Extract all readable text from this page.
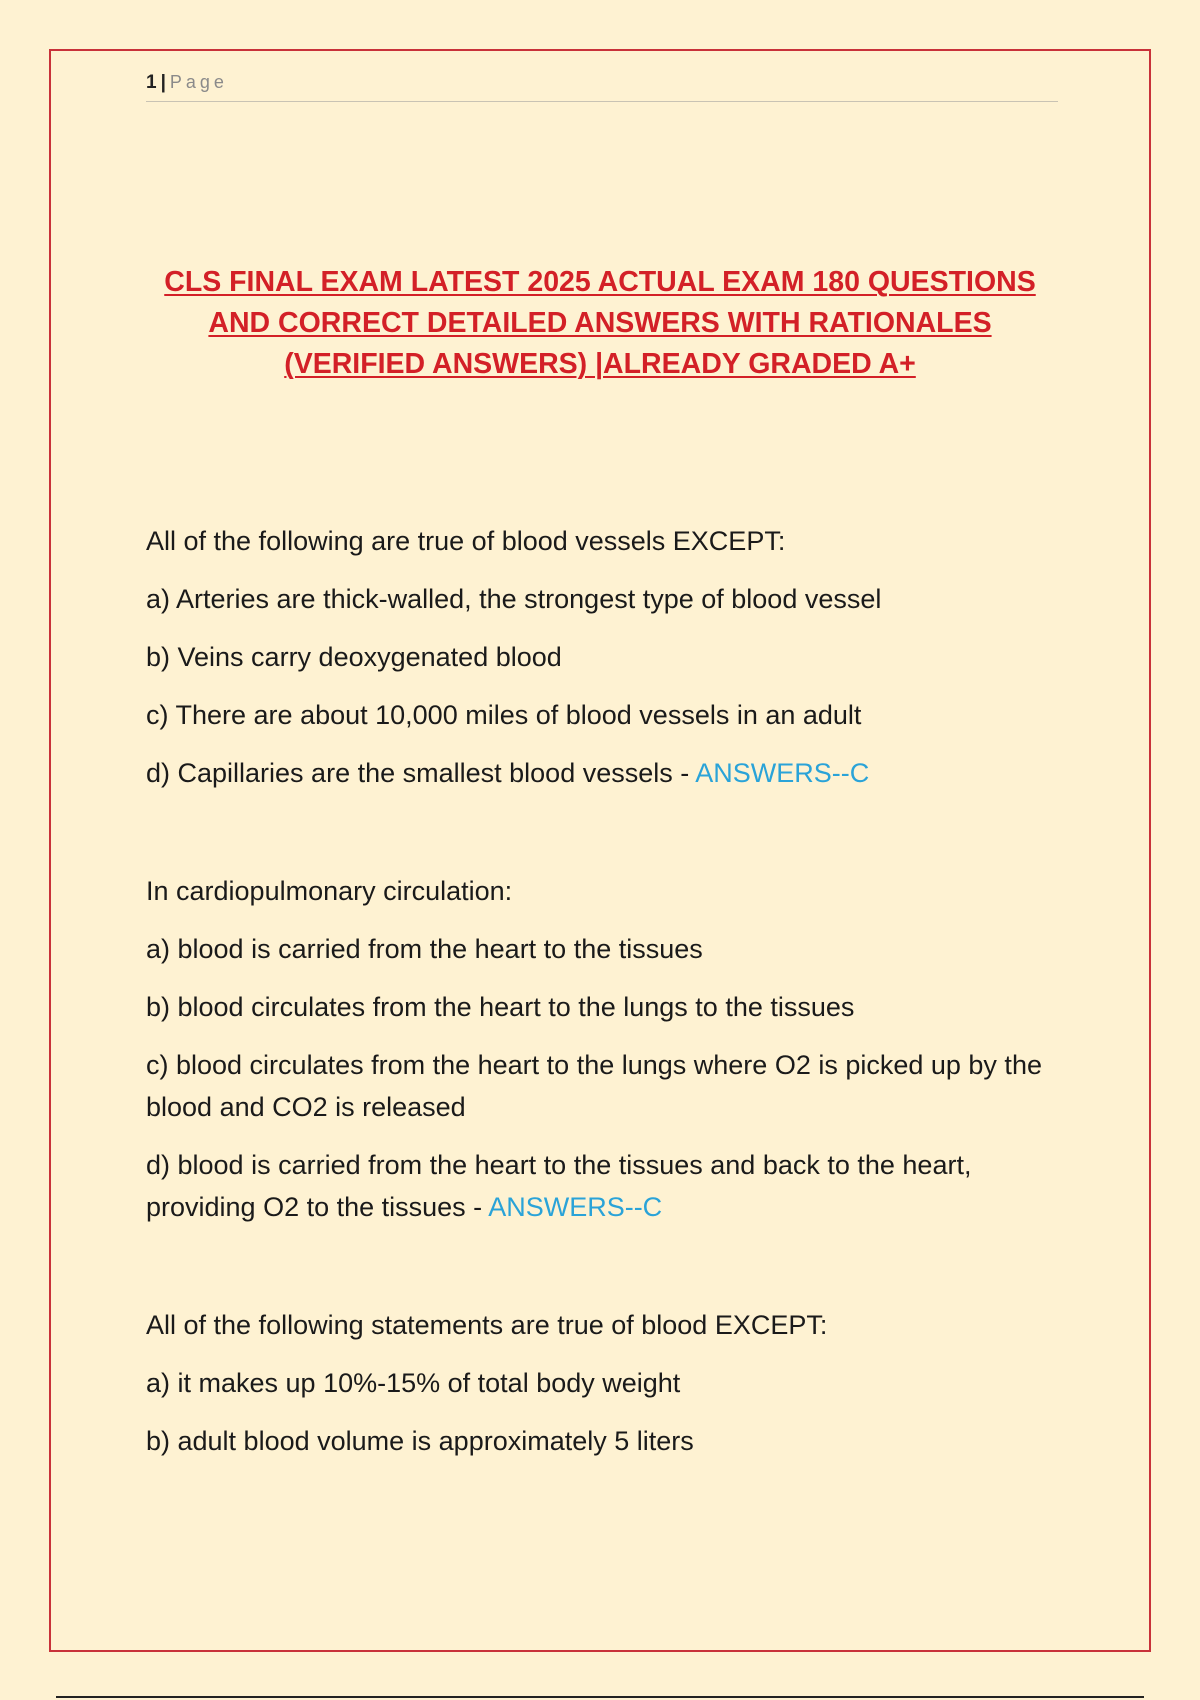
1 | Page
CLS FINAL EXAM LATEST 2025 ACTUAL EXAM 180 QUESTIONS
AND CORRECT DETAILED ANSWERS WITH RATIONALES
(VERIFIED ANSWERS) |ALREADY GRADED A+

All of the following are true of blood vessels EXCEPT:

a) Arteries are thick-walled, the strongest type of blood vessel

b) Veins carry deoxygenated blood

c) There are about 10,000 miles of blood vessels in an adult

d) Capillaries are the smallest blood vessels - ANSWERS--C

In cardiopulmonary circulation:

a) blood is carried from the heart to the tissues

b) blood circulates from the heart to the lungs to the tissues

c) blood circulates from the heart to the lungs where O2 is picked up by the blood and CO2 is released

d) blood is carried from the heart to the tissues and back to the heart, providing O2 to the tissues - ANSWERS--C

All of the following statements are true of blood EXCEPT:

a) it makes up 10%-15% of total body weight

b) adult blood volume is approximately 5 liters
